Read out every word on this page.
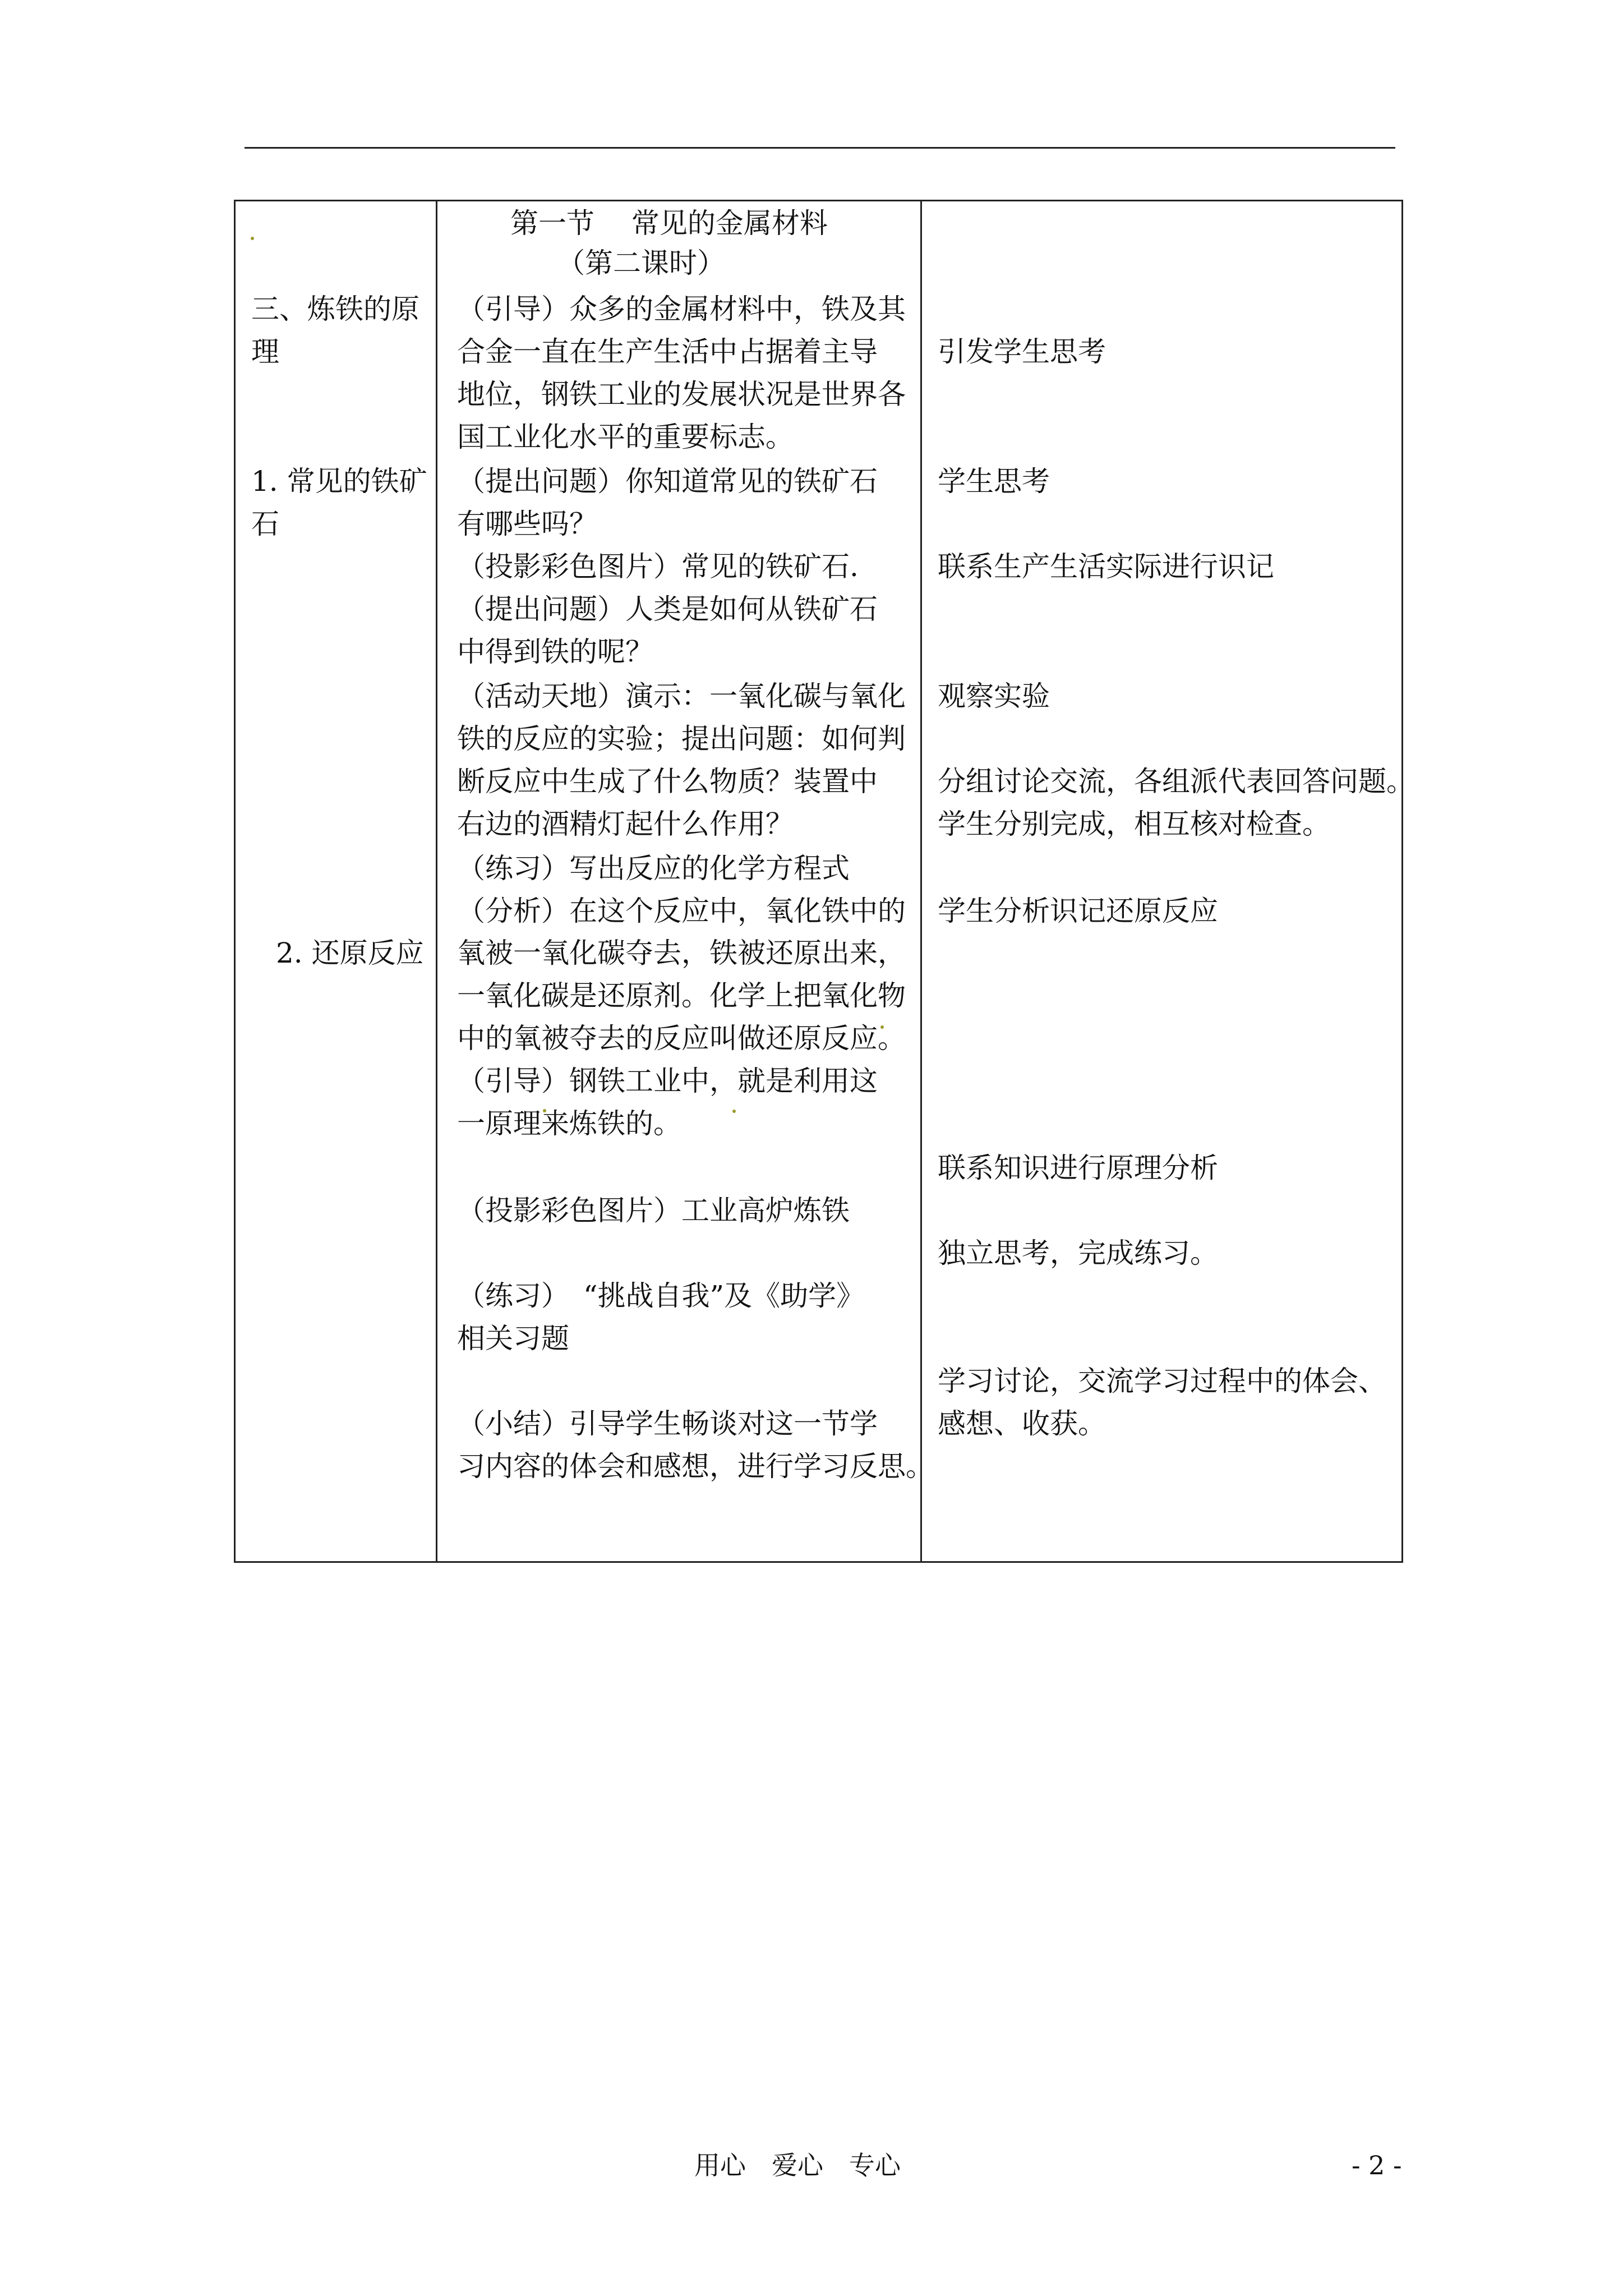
三、炼铁的原
理
1. 常见的铁矿
石
2. 还原反应
第一节　 常见的金属材料
（第二课时）
（引导）众多的金属材料中，铁及其
合金一直在生产生活中占据着主导
地位，钢铁工业的发展状况是世界各
国工业化水平的重要标志。
（提出问题）你知道常见的铁矿石
有哪些吗？
（投影彩色图片）常见的铁矿石.
（提出问题）人类是如何从铁矿石
中得到铁的呢？
（活动天地）演示：一氧化碳与氧化
铁的反应的实验；提出问题：如何判
断反应中生成了什么物质？装置中
右边的酒精灯起什么作用？
（练习）写出反应的化学方程式
（分析）在这个反应中，氧化铁中的
氧被一氧化碳夺去，铁被还原出来，
一氧化碳是还原剂。化学上把氧化物
中的氧被夺去的反应叫做还原反应。
（引导）钢铁工业中，就是利用这
一原理来炼铁的。
（投影彩色图片）工业高炉炼铁
（练习）　“挑战自我”及《助学》
相关习题
（小结）引导学生畅谈对这一节学
习内容的体会和感想，进行学习反思。
引发学生思考
学生思考
联系生产生活实际进行识记
观察实验
分组讨论交流，各组派代表回答问题。
学生分别完成，相互核对检查。
学生分析识记还原反应
联系知识进行原理分析
独立思考，完成练习。
学习讨论，交流学习过程中的体会、
感想、收获。
用心　爱心　专心	- 2 -
